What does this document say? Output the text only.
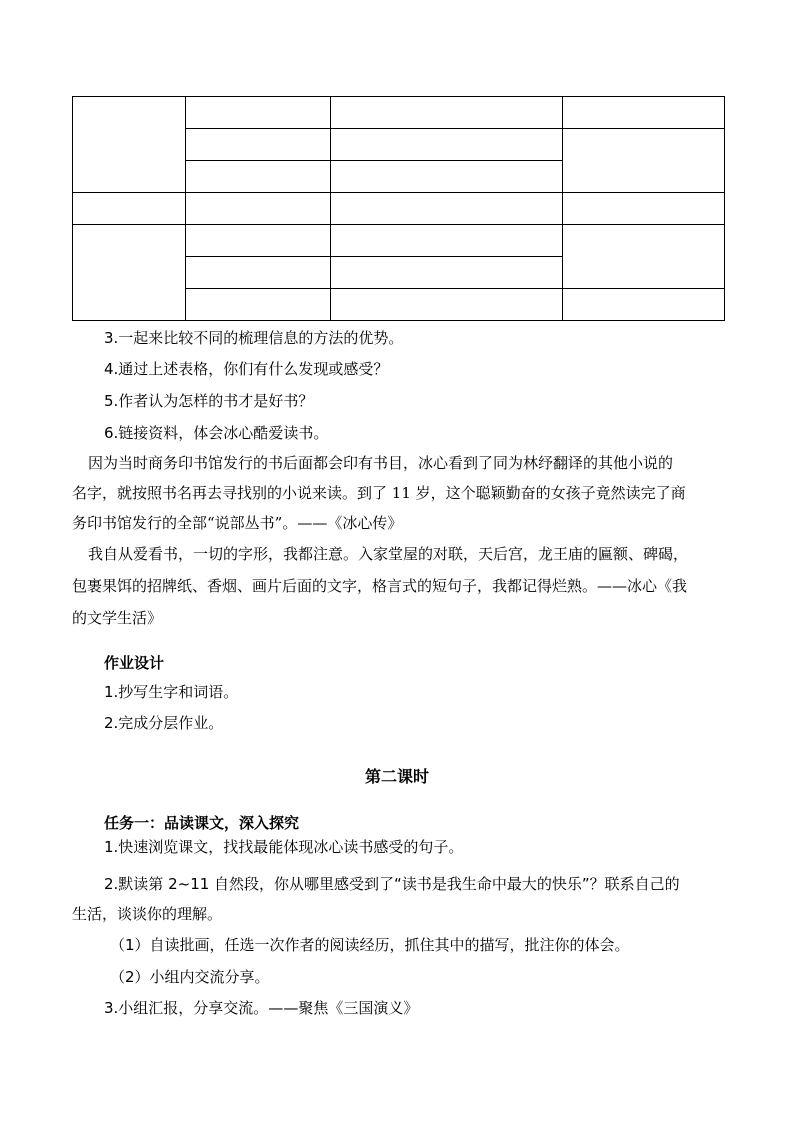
3.一起来比较不同的梳理信息的方法的优势。
4.通过上述表格，你们有什么发现或感受？
5.作者认为怎样的书才是好书？
6.链接资料，体会冰心酷爱读书。
因为当时商务印书馆发行的书后面都会印有书目，冰心看到了同为林纾翻译的其他小说的
名字，就按照书名再去寻找别的小说来读。到了 11 岁，这个聪颖勤奋的女孩子竟然读完了商
务印书馆发行的全部“说部丛书”。——《冰心传》
我自从爱看书，一切的字形，我都注意。入家堂屋的对联，天后宫，龙王庙的匾额、碑碣，
包裹果饵的招牌纸、香烟、画片后面的文字，格言式的短句子，我都记得烂熟。——冰心《我
的文学生活》
作业设计
1.抄写生字和词语。
2.完成分层作业。
第二课时
任务一：品读课文，深入探究
1.快速浏览课文，找找最能体现冰心读书感受的句子。
2.默读第 2~11 自然段，你从哪里感受到了“读书是我生命中最大的快乐”？联系自己的
生活，谈谈你的理解。
（1）自读批画，任选一次作者的阅读经历，抓住其中的描写，批注你的体会。
（2）小组内交流分享。
3.小组汇报，分享交流。——聚焦《三国演义》
